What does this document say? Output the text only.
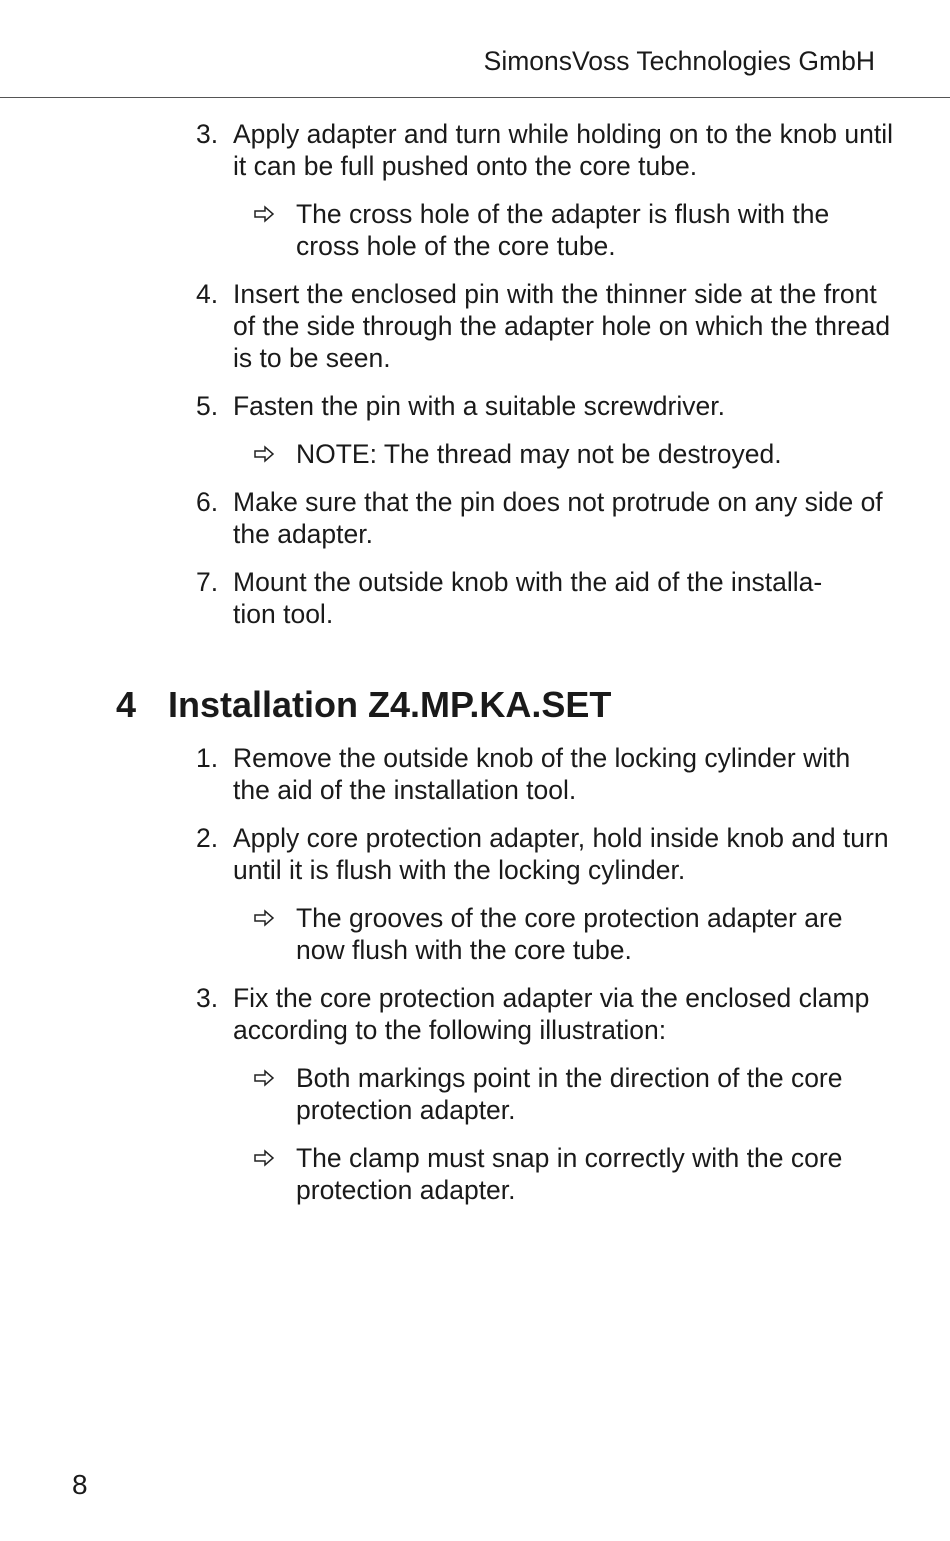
SimonsVoss Technologies GmbH
3. Apply adapter and turn while holding on to the knob until it can be full pushed onto the core tube.
The cross hole of the adapter is flush with the cross hole of the core tube.
4. Insert the enclosed pin with the thinner side at the front of the side through the adapter hole on which the thread is to be seen.
5. Fasten the pin with a suitable screwdriver.
NOTE: The thread may not be destroyed.
6. Make sure that the pin does not protrude on any side of the adapter.
7. Mount the outside knob with the aid of the installa-tion tool.
4 Installation Z4.MP.KA.SET
1. Remove the outside knob of the locking cylinder with the aid of the installation tool.
2. Apply core protection adapter, hold inside knob and turn until it is flush with the locking cylinder.
The grooves of the core protection adapter are now flush with the core tube.
3. Fix the core protection adapter via the enclosed clamp according to the following illustration:
Both markings point in the direction of the core protection adapter.
The clamp must snap in correctly with the core protection adapter.
8
